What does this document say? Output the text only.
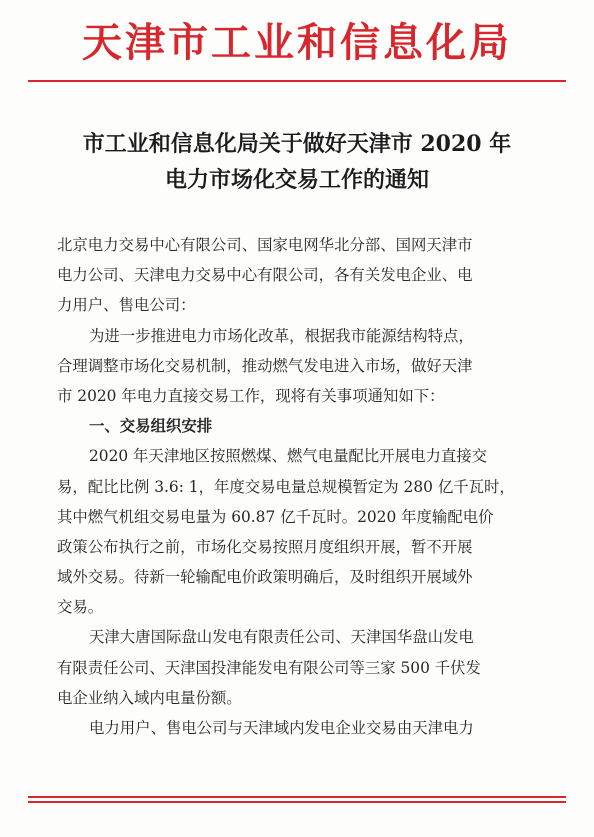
天津市工业和信息化局
市工业和信息化局关于做好天津市 2020 年
电力市场化交易工作的通知
北京电力交易中心有限公司、国家电网华北分部、国网天津市
电力公司、天津电力交易中心有限公司，各有关发电企业、电
力用户、售电公司：
为进一步推进电力市场化改革，根据我市能源结构特点，
合理调整市场化交易机制，推动燃气发电进入市场，做好天津
市 2020 年电力直接交易工作，现将有关事项通知如下：
一、交易组织安排
2020 年天津地区按照燃煤、燃气电量配比开展电力直接交
易，配比比例 3.6: 1，年度交易电量总规模暂定为 280 亿千瓦时，
其中燃气机组交易电量为 60.87 亿千瓦时。2020 年度输配电价
政策公布执行之前，市场化交易按照月度组织开展，暂不开展
域外交易。待新一轮输配电价政策明确后，及时组织开展域外
交易。
天津大唐国际盘山发电有限责任公司、天津国华盘山发电
有限责任公司、天津国投津能发电有限公司等三家 500 千伏发
电企业纳入域内电量份额。
电力用户、售电公司与天津域内发电企业交易由天津电力
